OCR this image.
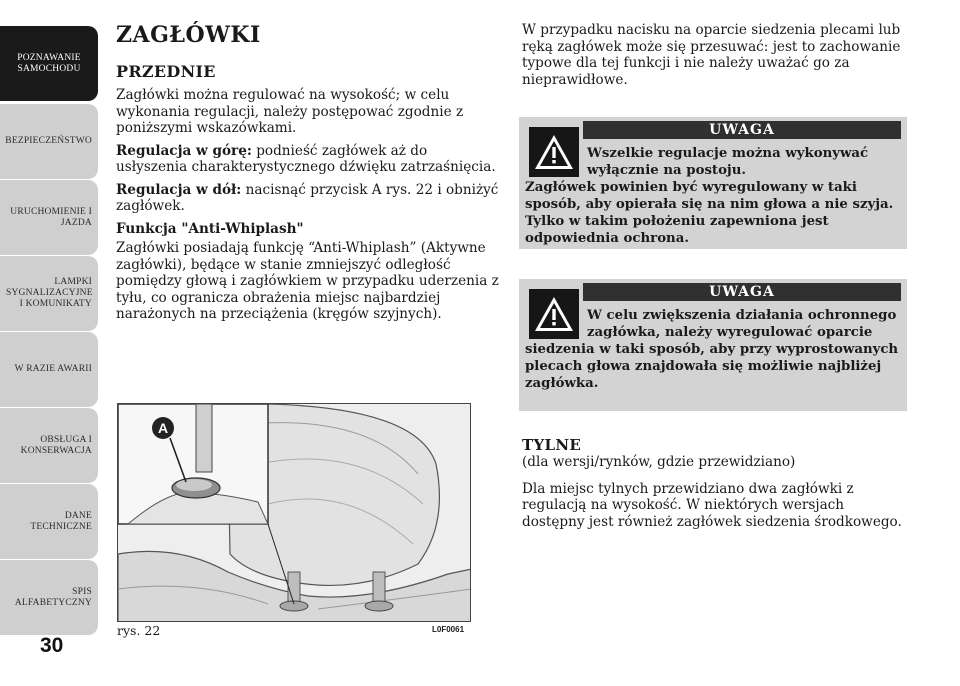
POZNAWANIE SAMOCHODU
BEZPIECZEŃSTWO
URUCHOMIENIE I JAZDA
LAMPKI SYGNALIZACYJNE I KOMUNIKATY
W RAZIE AWARII
OBSŁUGA I KONSERWACJA
DANE TECHNICZNE
SPIS ALFABETYCZNY
30
ZAGŁÓWKI
PRZEDNIE

Zagłówki można regulować na wysokość; w celu wykonania regulacji, należy postępować zgodnie z poniższymi wskazówkami.

Regulacja w górę: podnieść zagłówek aż do usłyszenia charakterystycznego dźwięku zatrzaśnięcia.

Regulacja w dół: nacisnąć przycisk A rys. 22 i obniżyć zagłówek.

Funkcja "Anti-Whiplash"

Zagłówki posiadają funkcję “Anti-Whiplash” (Aktywne zagłówki), będące w stanie zmniejszyć odległość pomiędzy głową i zagłówkiem w przypadku uderzenia z tyłu, co ogranicza obrażenia miejsc najbardziej narażonych na przeciążenia (kręgów szyjnych).

A
rys. 22	L0F0061

W przypadku nacisku na oparcie siedzenia plecami lub ręką zagłówek może się przesuwać: jest to zachowanie typowe dla tej funkcji i nie należy uważać go za nieprawidłowe.

UWAGA
Wszelkie regulacje można wykonywać wyłącznie na postoju.
Zagłówek powinien być wyregulowany w taki sposób, aby opierała się na nim głowa a nie szyja. Tylko w takim położeniu zapewniona jest odpowiednia ochrona.
UWAGA
W celu zwiększenia działania ochronnego zagłówka, należy wyregulować oparcie
siedzenia w taki sposób, aby przy wyprostowanych plecach głowa znajdowała się możliwie najbliżej zagłówka.
TYLNE

(dla wersji/rynków, gdzie przewidziano)

Dla miejsc tylnych przewidziano dwa zagłówki z regulacją na wysokość. W niektórych wersjach dostępny jest również zagłówek siedzenia środkowego.
